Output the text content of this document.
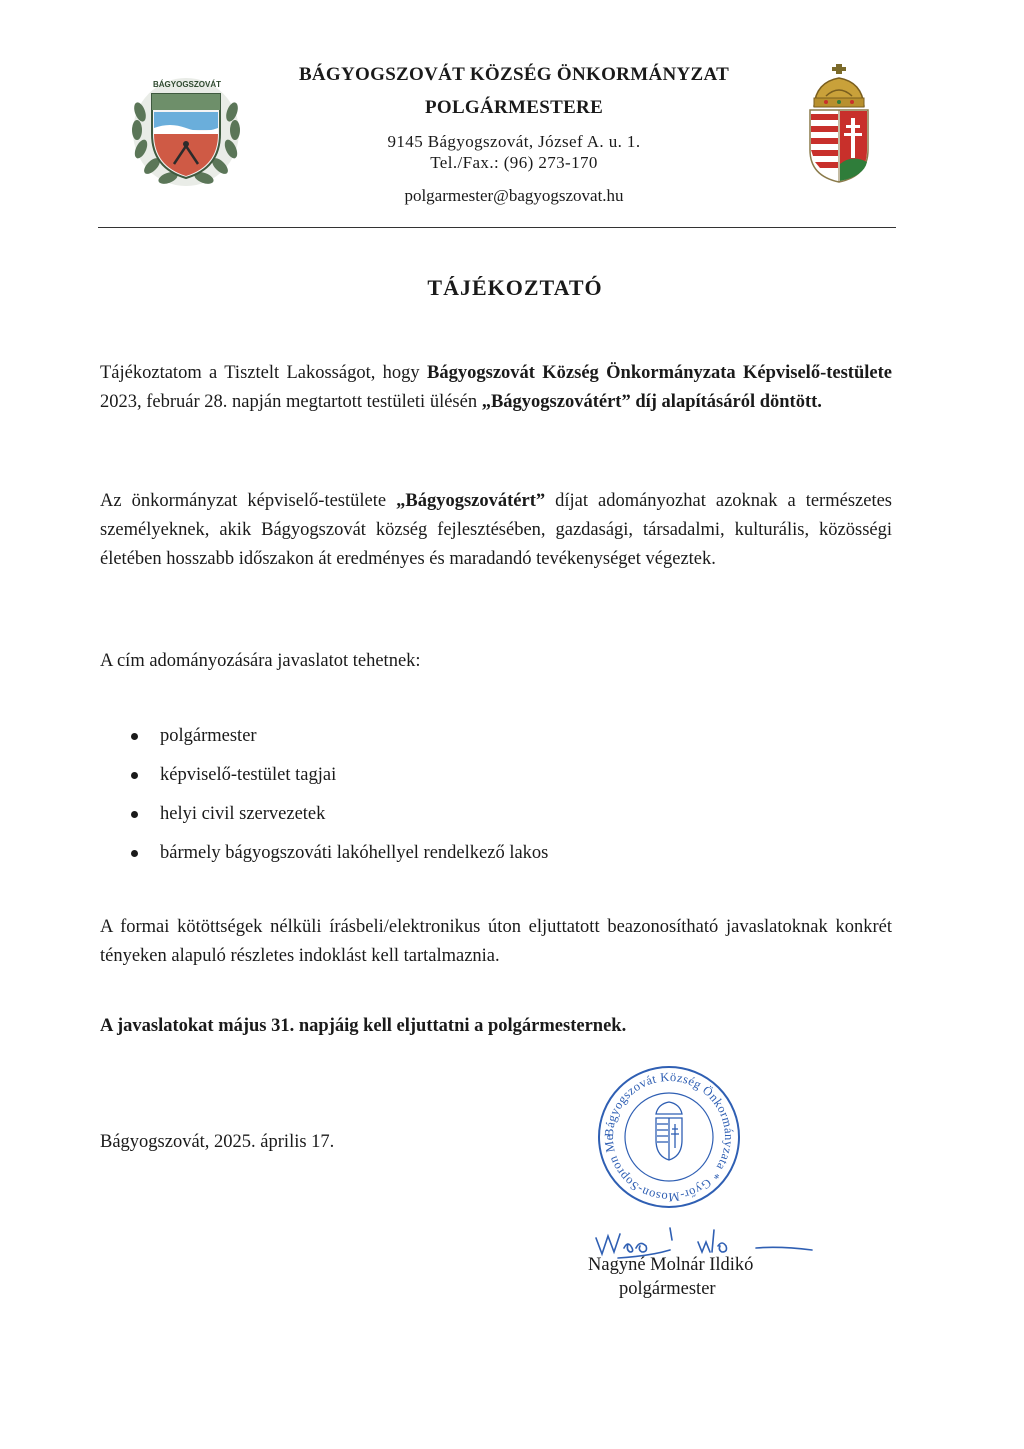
BÁGYOGSZOVÁT	BÁGYOGSZOVÁT KÖZSÉG ÖNKORMÁNYZAT
POLGÁRMESTERE
9145 Bágyogszovát, József A. u. 1.
Tel./Fax.: (96) 273-170
polgarmester@bagyogszovat.hu
TÁJÉKOZTATÓ
Tájékoztatom a Tisztelt Lakosságot, hogy Bágyogszovát Község Önkormányzata Képviselő-testülete 2023, február 28. napján megtartott testületi ülésén „Bágyogszovátért” díj alapításáról döntött.
Az önkormányzat képviselő-testülete „Bágyogszovátért” díjat adományozhat azoknak a természetes személyeknek, akik Bágyogszovát község fejlesztésében, gazdasági, társadalmi, kulturális, közösségi életében hosszabb időszakon át eredményes és maradandó tevékenységet végeztek.
A cím adományozására javaslatot tehetnek:
polgármester
képviselő-testület tagjai
helyi civil szervezetek
bármely bágyogszováti lakóhellyel rendelkező lakos
A formai kötöttségek nélküli írásbeli/elektronikus úton eljuttatott beazonosítható javaslatoknak konkrét tényeken alapuló részletes indoklást kell tartalmaznia.
A javaslatokat május 31. napjáig kell eljuttatni a polgármesternek.
Bágyogszovát, 2025. április 17.	Bágyogszovát Község Önkormányzata * Győr-Moson-Sopron Me
Nagyné Molnár Ildikó
polgármester
